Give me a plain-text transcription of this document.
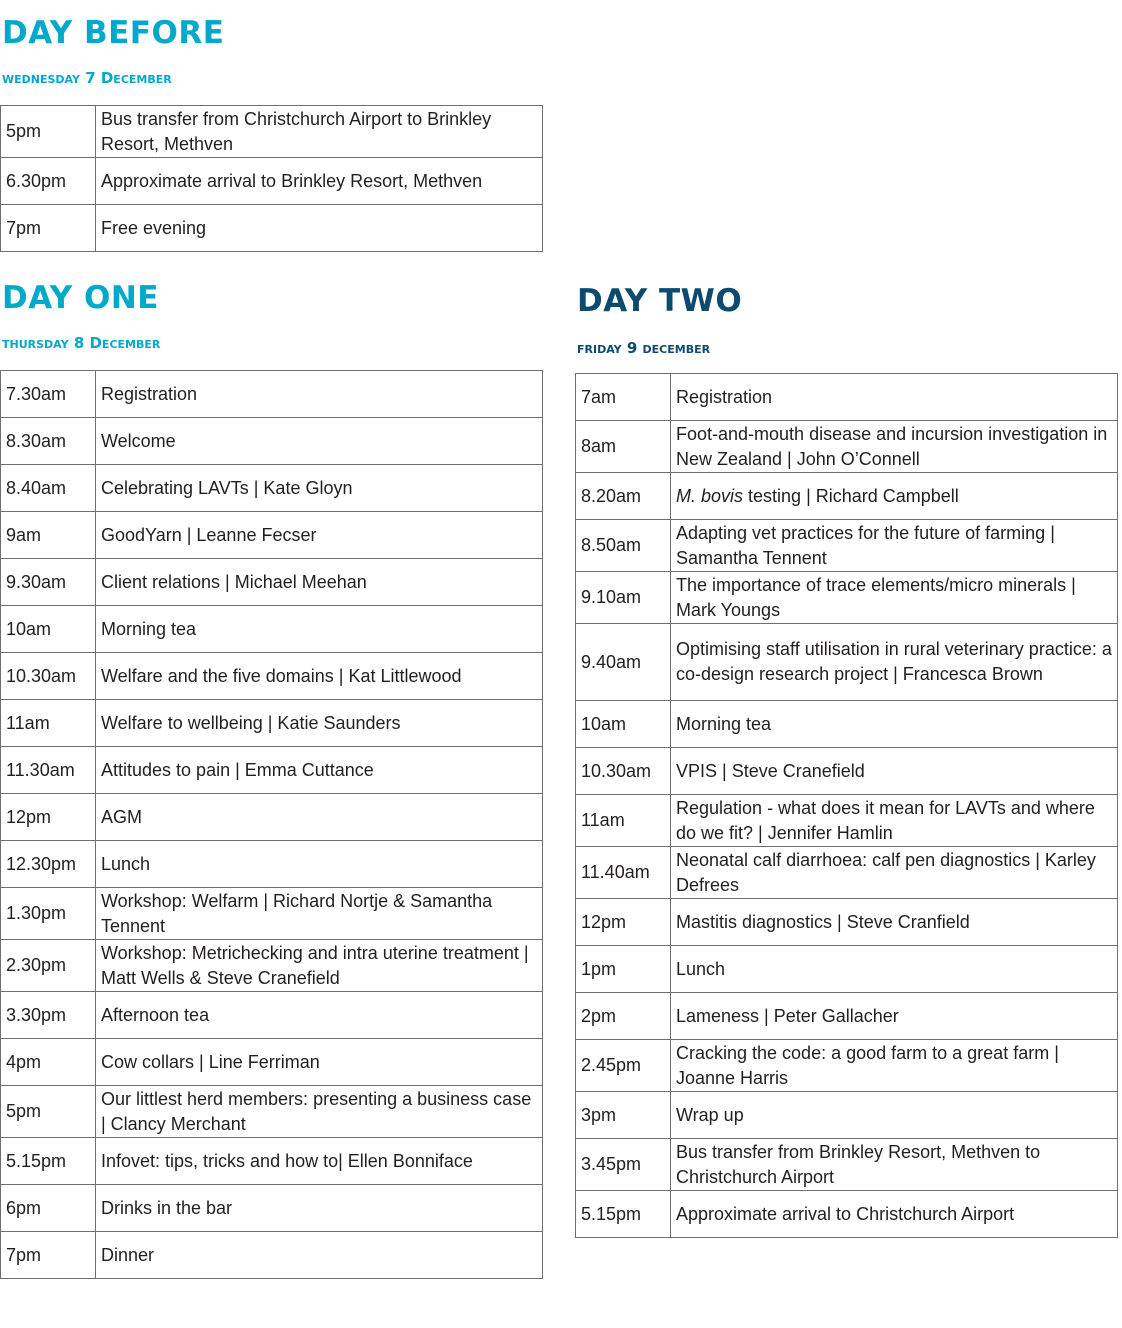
DAY BEFORE

wednesday 7 December

5pm	Bus transfer from Christchurch Airport to Brinkley Resort, Methven
6.30pm	Approximate arrival to Brinkley Resort, Methven
7pm	Free evening
DAY ONE

thursday 8 December

7.30am	Registration
8.30am	Welcome
8.40am	Celebrating LAVTs | Kate Gloyn
9am	GoodYarn | Leanne Fecser
9.30am	Client relations | Michael Meehan
10am	Morning tea
10.30am	Welfare and the five domains | Kat Littlewood
11am	Welfare to wellbeing | Katie Saunders
11.30am	Attitudes to pain | Emma Cuttance
12pm	AGM
12.30pm	Lunch
1.30pm	Workshop: Welfarm | Richard Nortje & Samantha Tennent
2.30pm	Workshop: Metrichecking and intra uterine treatment | Matt Wells & Steve Cranefield
3.30pm	Afternoon tea
4pm	Cow collars | Line Ferriman
5pm	Our littlest herd members: presenting a business case | Clancy Merchant
5.15pm	Infovet: tips, tricks and how to| Ellen Bonniface
6pm	Drinks in the bar
7pm	Dinner
DAY TWO

friday 9 december

7am	Registration
8am	Foot-and-mouth disease and incursion investigation in New Zealand | John O’Connell
8.20am	M. bovis testing | Richard Campbell
8.50am	Adapting vet practices for the future of farming | Samantha Tennent
9.10am	The importance of trace elements/micro minerals | Mark Youngs
9.40am	Optimising staff utilisation in rural veterinary practice: a co-design research project | Francesca Brown
10am	Morning tea
10.30am	VPIS | Steve Cranefield
11am	Regulation - what does it mean for LAVTs and where do we fit? | Jennifer Hamlin
11.40am	Neonatal calf diarrhoea: calf pen diagnostics | Karley Defrees
12pm	Mastitis diagnostics | Steve Cranfield
1pm	Lunch
2pm	Lameness | Peter Gallacher
2.45pm	Cracking the code: a good farm to a great farm | Joanne Harris
3pm	Wrap up
3.45pm	Bus transfer from Brinkley Resort, Methven to Christchurch Airport
5.15pm	Approximate arrival to Christchurch Airport
